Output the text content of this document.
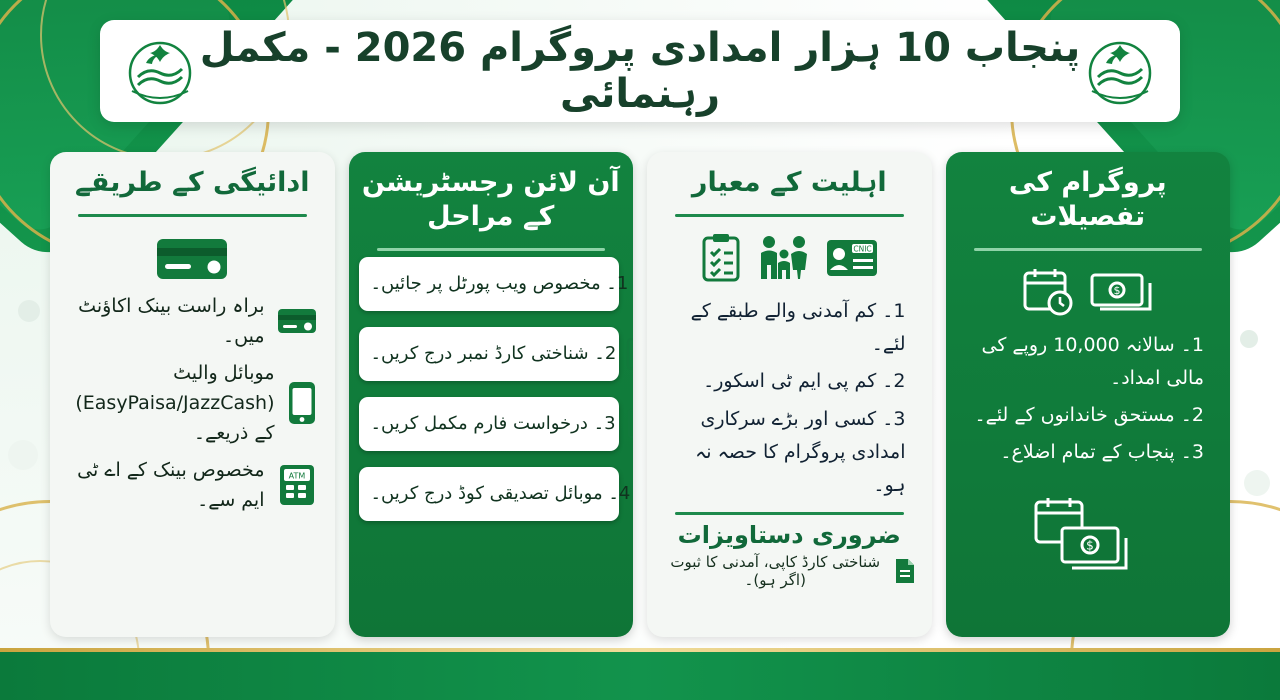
پنجاب 10 ہزار امدادی پروگرام 2026 - مکمل رہنمائی
ادائیگی کے طریقے
براہ راست بینک اکاؤنٹ میں۔
موبائل والیٹ (EasyPaisa/JazzCash) کے ذریعے۔
ATM
مخصوص بینک کے اے ٹی ایم سے۔
آن لائن رجسٹریشن کے مراحل
1۔ مخصوص ویب پورٹل پر جائیں۔
2۔ شناختی کارڈ نمبر درج کریں۔
3۔ درخواست فارم مکمل کریں۔
4۔ موبائل تصدیقی کوڈ درج کریں۔
اہلیت کے معیار
CNIC

1۔ کم آمدنی والے طبقے کے لئے۔

2۔ کم پی ایم ٹی اسکور۔

3۔ کسی اور بڑے سرکاری امدادی پروگرام کا حصہ نہ ہو۔

ضروری دستاویزات
شناختی کارڈ کاپی، آمدنی کا ثبوت (اگر ہو)۔
پروگرام کی تفصیلات
$

1۔ سالانہ 10,000 روپے کی مالی امداد۔

2۔ مستحق خاندانوں کے لئے۔

3۔ پنجاب کے تمام اضلاع۔

$
